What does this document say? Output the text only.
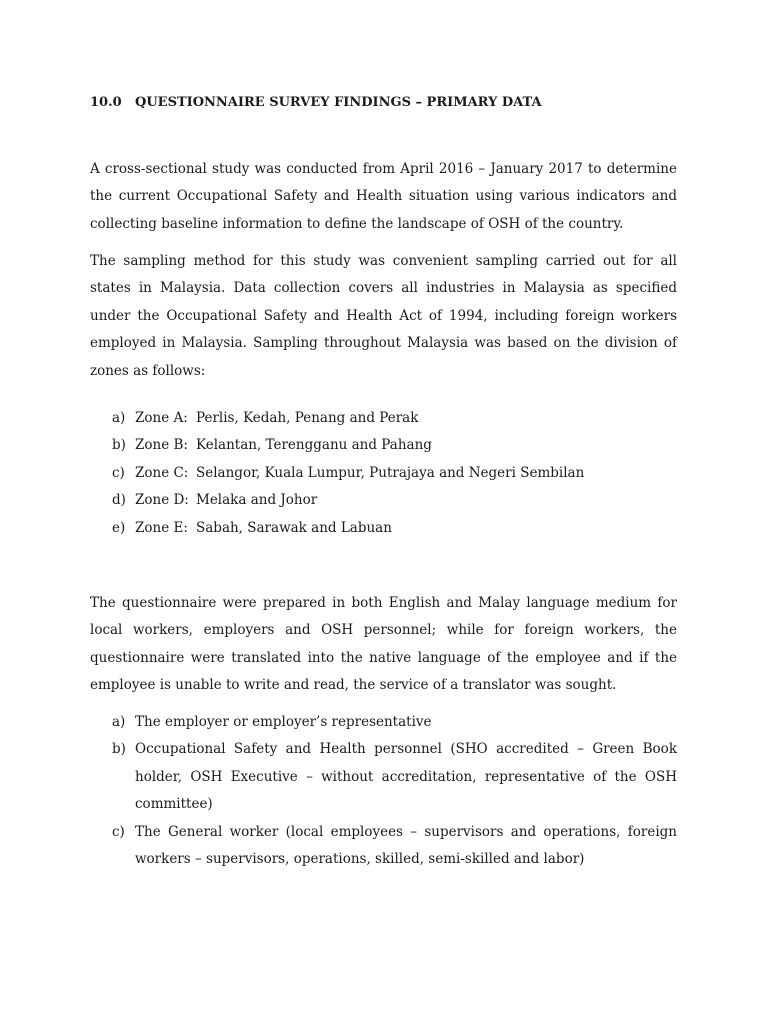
10.0 QUESTIONNAIRE SURVEY FINDINGS – PRIMARY DATA

A cross-sectional study was conducted from April 2016 – January 2017 to determine the current Occupational Safety and Health situation using various indicators and collecting baseline information to define the landscape of OSH of the country.

The sampling method for this study was convenient sampling carried out for all states in Malaysia. Data collection covers all industries in Malaysia as specified under the Occupational Safety and Health Act of 1994, including foreign workers employed in Malaysia. Sampling throughout Malaysia was based on the division of zones as follows:

a) Zone A: Perlis, Kedah, Penang and Perak
b) Zone B: Kelantan, Terengganu and Pahang
c) Zone C: Selangor, Kuala Lumpur, Putrajaya and Negeri Sembilan
d) Zone D: Melaka and Johor
e) Zone E: Sabah, Sarawak and Labuan

The questionnaire were prepared in both English and Malay language medium for local workers, employers and OSH personnel; while for foreign workers, the questionnaire were translated into the native language of the employee and if the employee is unable to write and read, the service of a translator was sought.

a) The employer or employer’s representative
b) Occupational Safety and Health personnel (SHO accredited – Green Book holder, OSH Executive – without accreditation, representative of the OSH committee)
c) The General worker (local employees – supervisors and operations, foreign workers – supervisors, operations, skilled, semi-skilled and labor)
